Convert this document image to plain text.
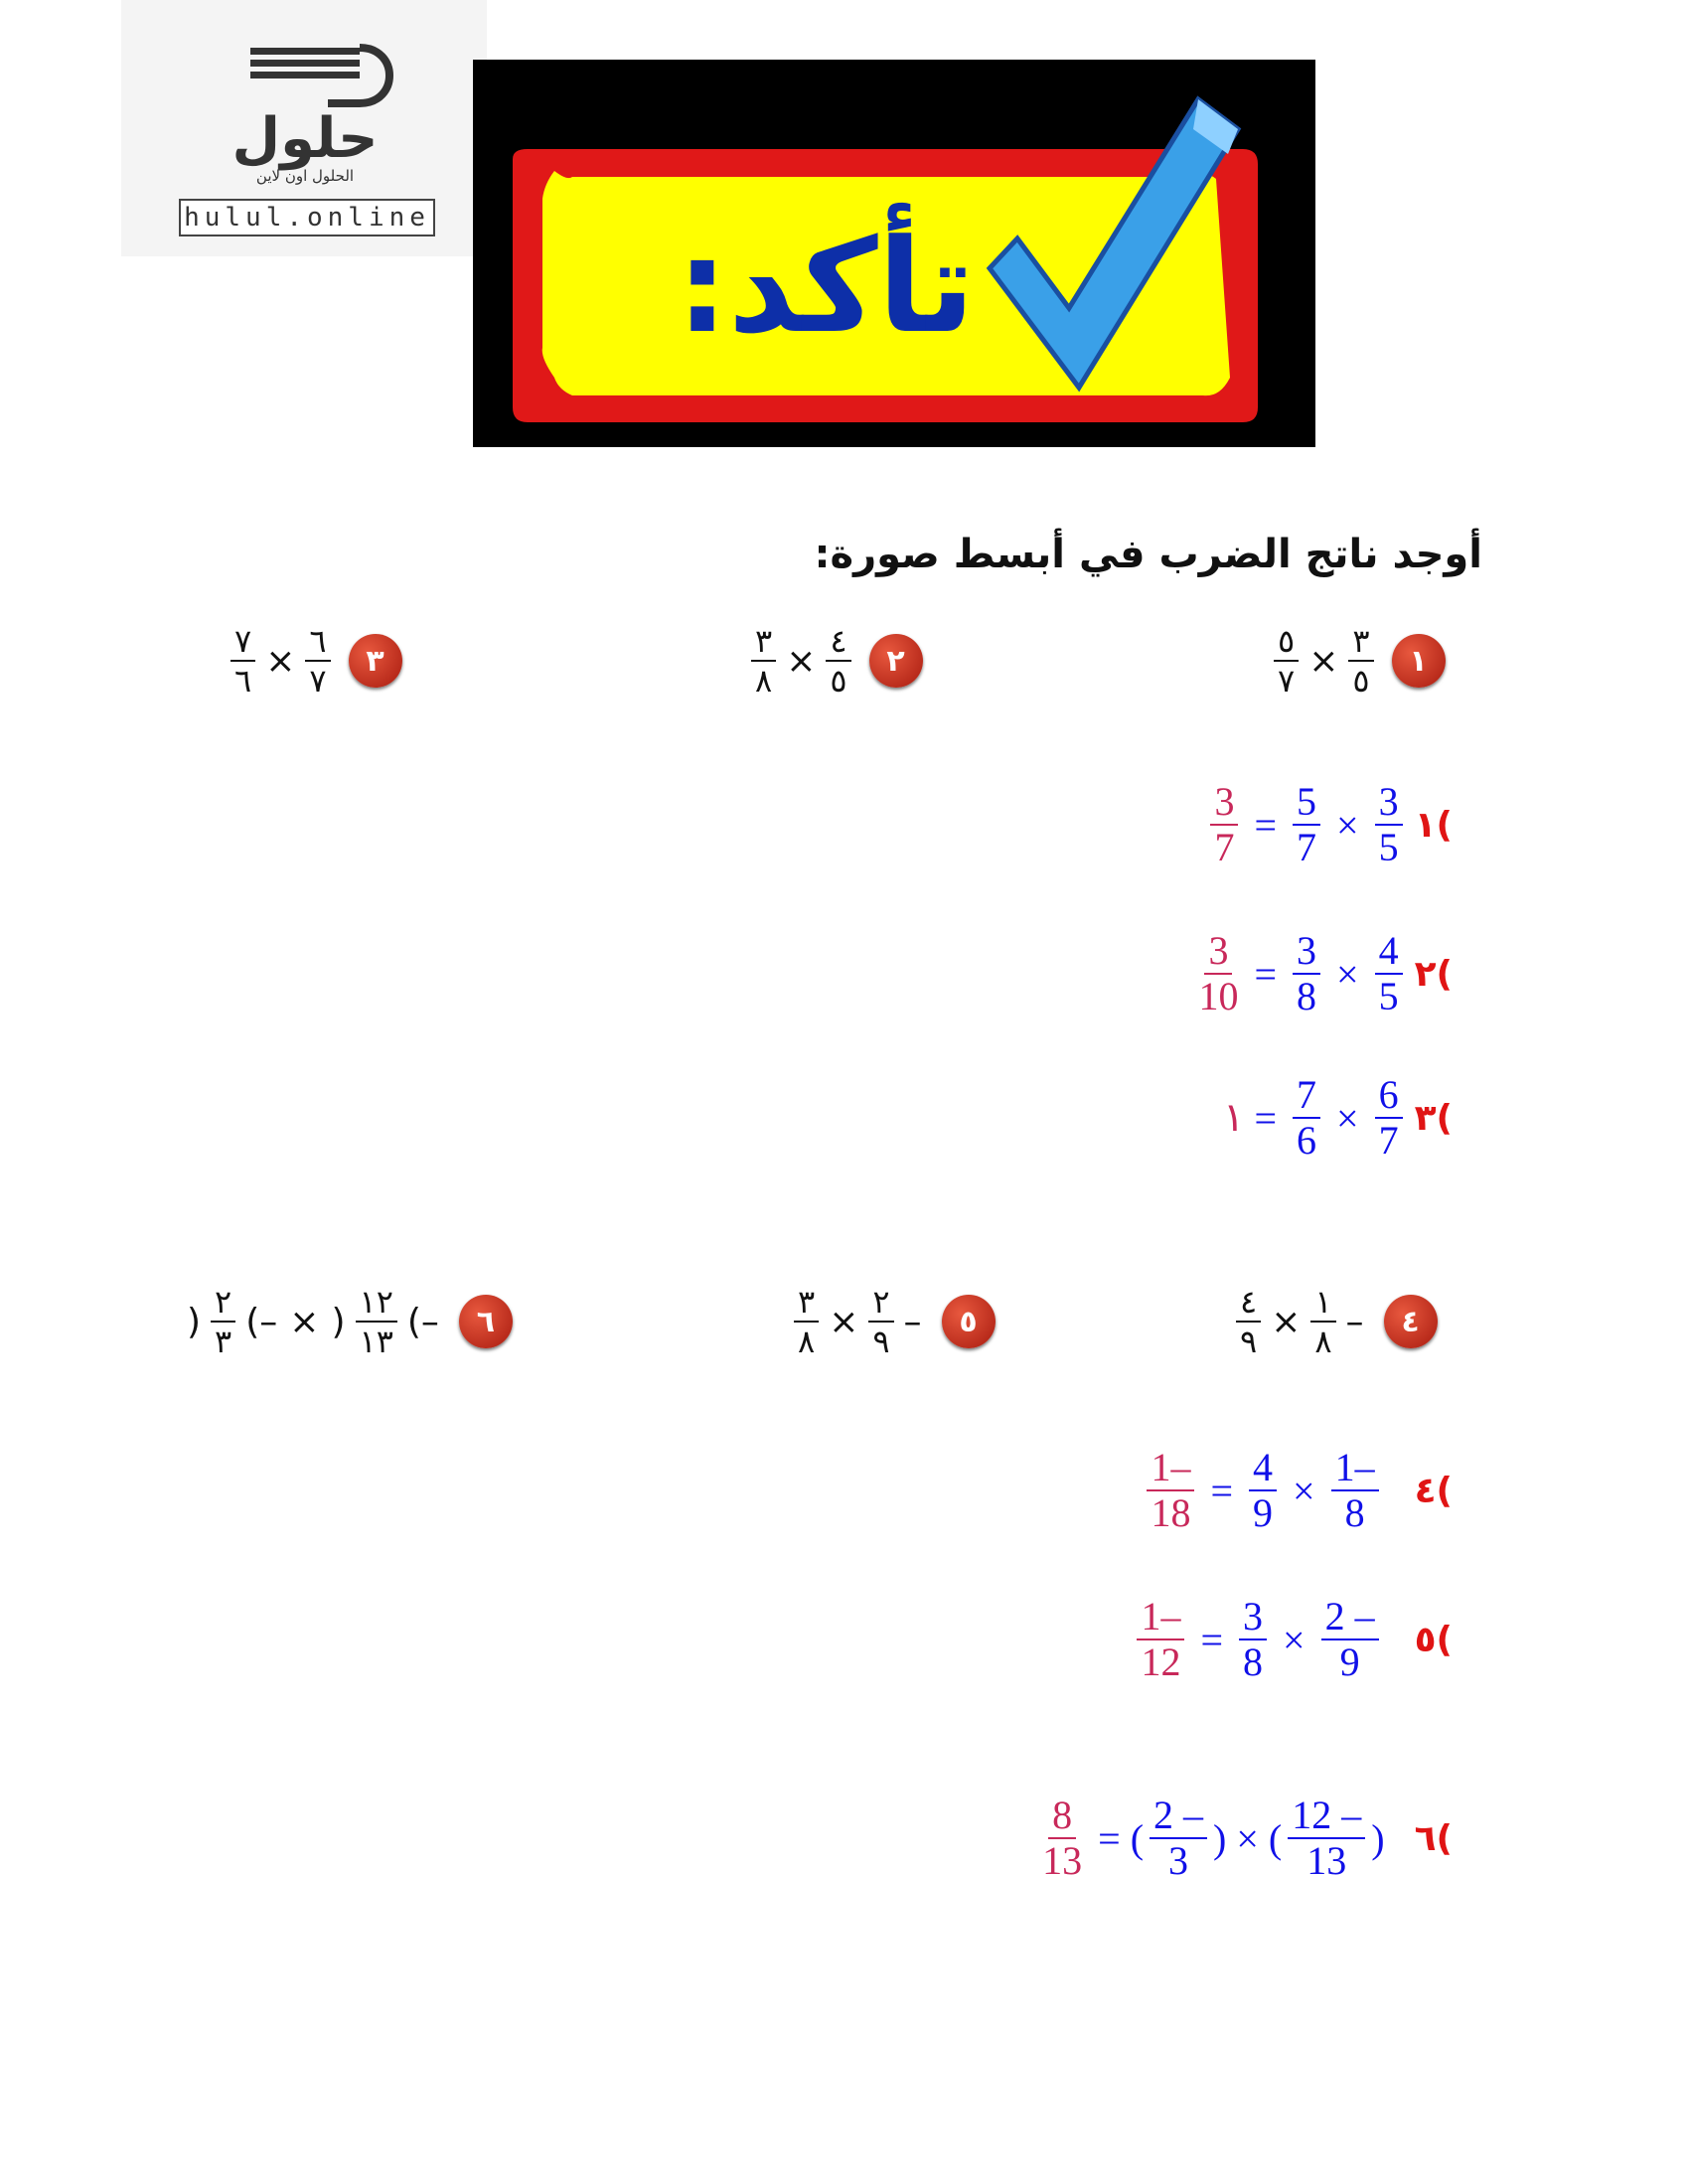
حلول
الحلول اون لاين
hulul.online	تأكد:
أوجد ناتج الضرب في أبسط صورة:
$\frac{٥}{٧} \times \frac{٣}{٥}$	١
$\frac{٣}{٨} \times \frac{٤}{٥}$	٢
$\frac{٧}{٦} \times \frac{٦}{٧}$	٣
$\frac{3}{7} = \frac{5}{7} \times \frac{3}{5}$ ١(
$\frac{3}{10} = \frac{3}{8} \times \frac{4}{5}$ ٢(
١ = $\frac{7}{6} \times \frac{6}{7}$ ٣(
$\frac{٤}{٩} \times \frac{١}{٨}$ –	٤
$\frac{٣}{٨} \times \frac{٢}{٩}$ –	٥
) $\frac{٢}{٣}$ (– × ) $\frac{١٢}{١٣}$ (–	٦
$\frac{1-}{18} = \frac{4}{9} \times \frac{1-}{8}$ ٤(
$\frac{1-}{12} = \frac{3}{8} \times \frac{2 -}{9}$ ٥(
$\frac{8}{13}$ = (
2 –
3 ) × (
12 –
13 ) ٦(
